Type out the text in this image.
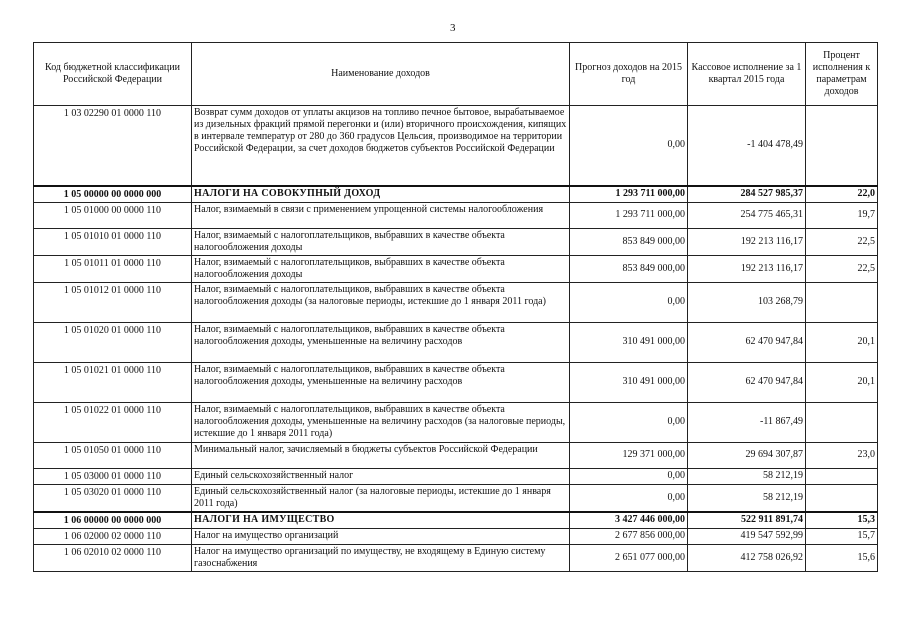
3
Код бюджетной классификации Российской Федерации	Наименование доходов	Прогноз доходов на 2015 год	Кассовое исполнение за 1 квартал 2015 года	Процент исполнения к параметрам доходов
1 03 02290 01 0000 110	Возврат сумм доходов от уплаты акцизов на топливо печное бытовое, вырабатываемое из дизельных фракций прямой перегонки и (или) вторичного происхождения, кипящих в интервале температур от 280 до 360 градусов Цельсия, производимое на территории Российской Федерации, за счет доходов бюджетов субъектов Российской Федерации	0,00	-1 404 478,49	
1 05 00000 00 0000 000	НАЛОГИ НА СОВОКУПНЫЙ ДОХОД	1 293 711 000,00	284 527 985,37	22,0
1 05 01000 00 0000 110	Налог, взимаемый в связи с применением упрощенной системы налогообложения	1 293 711 000,00	254 775 465,31	19,7
1 05 01010 01 0000 110	Налог, взимаемый с налогоплательщиков, выбравших в качестве объекта налогообложения доходы	853 849 000,00	192 213 116,17	22,5
1 05 01011 01 0000 110	Налог, взимаемый с налогоплательщиков, выбравших в качестве объекта налогообложения доходы	853 849 000,00	192 213 116,17	22,5
1 05 01012 01 0000 110	Налог, взимаемый с налогоплательщиков, выбравших в качестве объекта налогообложения доходы (за налоговые периоды, истекшие до 1 января 2011 года)	0,00	103 268,79	
1 05 01020 01 0000 110	Налог, взимаемый с налогоплательщиков, выбравших в качестве объекта налогообложения доходы, уменьшенные на величину расходов	310 491 000,00	62 470 947,84	20,1
1 05 01021 01 0000 110	Налог, взимаемый с налогоплательщиков, выбравших в качестве объекта налогообложения доходы, уменьшенные на величину расходов	310 491 000,00	62 470 947,84	20,1
1 05 01022 01 0000 110	Налог, взимаемый с налогоплательщиков, выбравших в качестве объекта налогообложения доходы, уменьшенные на величину расходов (за налоговые периоды, истекшие до 1 января 2011 года)	0,00	-11 867,49	
1 05 01050 01 0000 110	Минимальный налог, зачисляемый в бюджеты субъектов Российской Федерации	129 371 000,00	29 694 307,87	23,0
1 05 03000 01 0000 110	Единый сельскохозяйственный налог	0,00	58 212,19	
1 05 03020 01 0000 110	Единый сельскохозяйственный налог (за налоговые периоды, истекшие до 1 января 2011 года)	0,00	58 212,19	
1 06 00000 00 0000 000	НАЛОГИ НА ИМУЩЕСТВО	3 427 446 000,00	522 911 891,74	15,3
1 06 02000 02 0000 110	Налог на имущество организаций	2 677 856 000,00	419 547 592,99	15,7
1 06 02010 02 0000 110	Налог на имущество организаций по имуществу, не входящему в Единую систему газоснабжения	2 651 077 000,00	412 758 026,92	15,6
